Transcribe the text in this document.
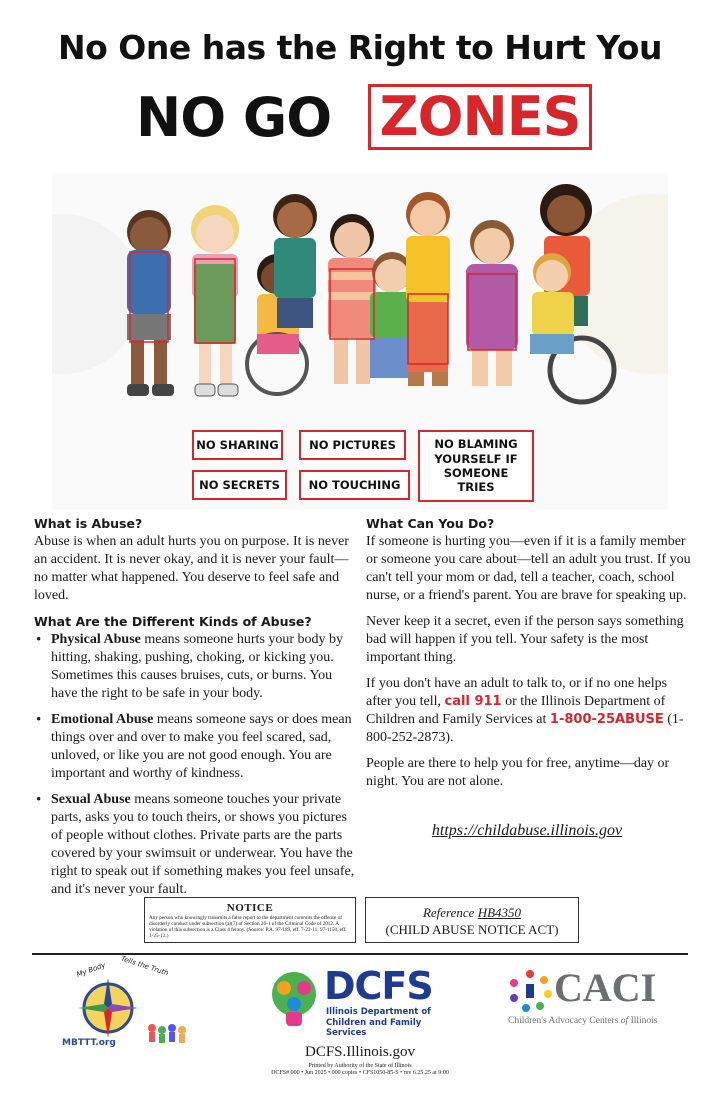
No One has the Right to Hurt You
NO GO ZONES
NO SHARING	NO PICTURES	NO BLAMING YOURSELF IF SOMEONE TRIES
NO SECRETS	NO TOUCHING
What is Abuse?

Abuse is when an adult hurts you on purpose. It is never an accident. It is never okay, and it is never your fault—no matter what happened. You deserve to feel safe and loved.

What Are the Different Kinds of Abuse?
• Physical Abuse means someone hurts your body by hitting, shaking, pushing, choking, or kicking you. Sometimes this causes bruises, cuts, or burns. You have the right to be safe in your body.
• Emotional Abuse means someone says or does mean things over and over to make you feel scared, sad, unloved, or like you are not good enough. You are important and worthy of kindness.
• Sexual Abuse means someone touches your private parts, asks you to touch theirs, or shows you pictures of people without clothes. Private parts are the parts covered by your swimsuit or underwear. You have the right to speak out if something makes you feel unsafe, and it's never your fault.
What Can You Do?

If someone is hurting you—even if it is a family member or someone you care about—tell an adult you trust. If you can't tell your mom or dad, tell a teacher, coach, school nurse, or a friend's parent. You are brave for speaking up.

Never keep it a secret, even if the person says something bad will happen if you tell. Your safety is the most important thing.

If you don't have an adult to talk to, or if no one helps after you tell, call 911 or the Illinois Department of Children and Family Services at 1-800-25ABUSE (1-800-252-2873).

People are there to help you for free, anytime—day or night. You are not alone.

https://childabuse.illinois.gov
NOTICE
Any person who knowingly transmits a false report to the department commits the offense of disorderly conduct under subsection (a)(7) of Section 26-1 of the Criminal Code of 2012. A violation of this subsection is a Class 4 felony. (Source: P.A. 97-189, eff. 7-22-11; 97-1150, eff. 1-25-13.)
Reference HB4350
(CHILD ABUSE NOTICE ACT)
My Body Tells the Truth
MBTTT.org
DCFS
Illinois Department of
Children and Family Services
CACI
Children's Advocacy Centers of Illinois
DCFS.Illinois.gov
Printed by Authority of the State of Illinois
DCFS# 000 • Jun 2025 • 000 copies • CFS1050-85-S • rev 6.25.25 at 9:00
